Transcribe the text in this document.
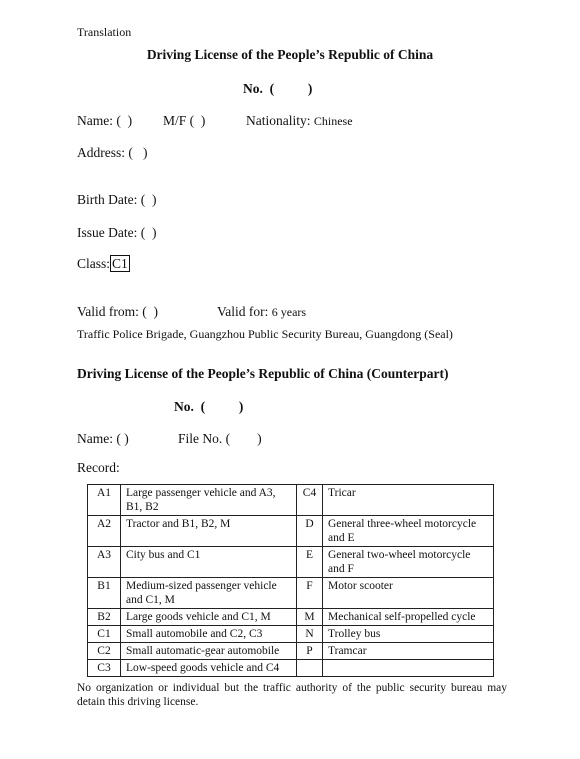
Translation
Driving License of the People’s Republic of China
No.  (          )
Name: (  ) M/F (  )	Nationality: Chinese
Address: (   )
Birth Date: (  )
Issue Date: (  )
Class: C1
Valid from: (  )	Valid for: 6 years
Traffic Police Brigade, Guangzhou Public Security Bureau, Guangdong (Seal)
Driving License of the People’s Republic of China (Counterpart)
No.  (          )
Name: ( )	File No. (        )
Record:
A1	Large passenger vehicle and A3, B1, B2	C4	Tricar
A2	Tractor and B1, B2, M	D	General three-wheel motorcycle and E
A3	City bus and C1	E	General two-wheel motorcycle and F
B1	Medium-sized passenger vehicle and C1, M	F	Motor scooter
B2	Large goods vehicle and C1, M	M	Mechanical self-propelled cycle
C1	Small automobile and C2, C3	N	Trolley bus
C2	Small automatic-gear automobile	P	Tramcar
C3	Low-speed goods vehicle and C4		
No organization or individual but the traffic authority of the public security bureau may detain this driving license.
